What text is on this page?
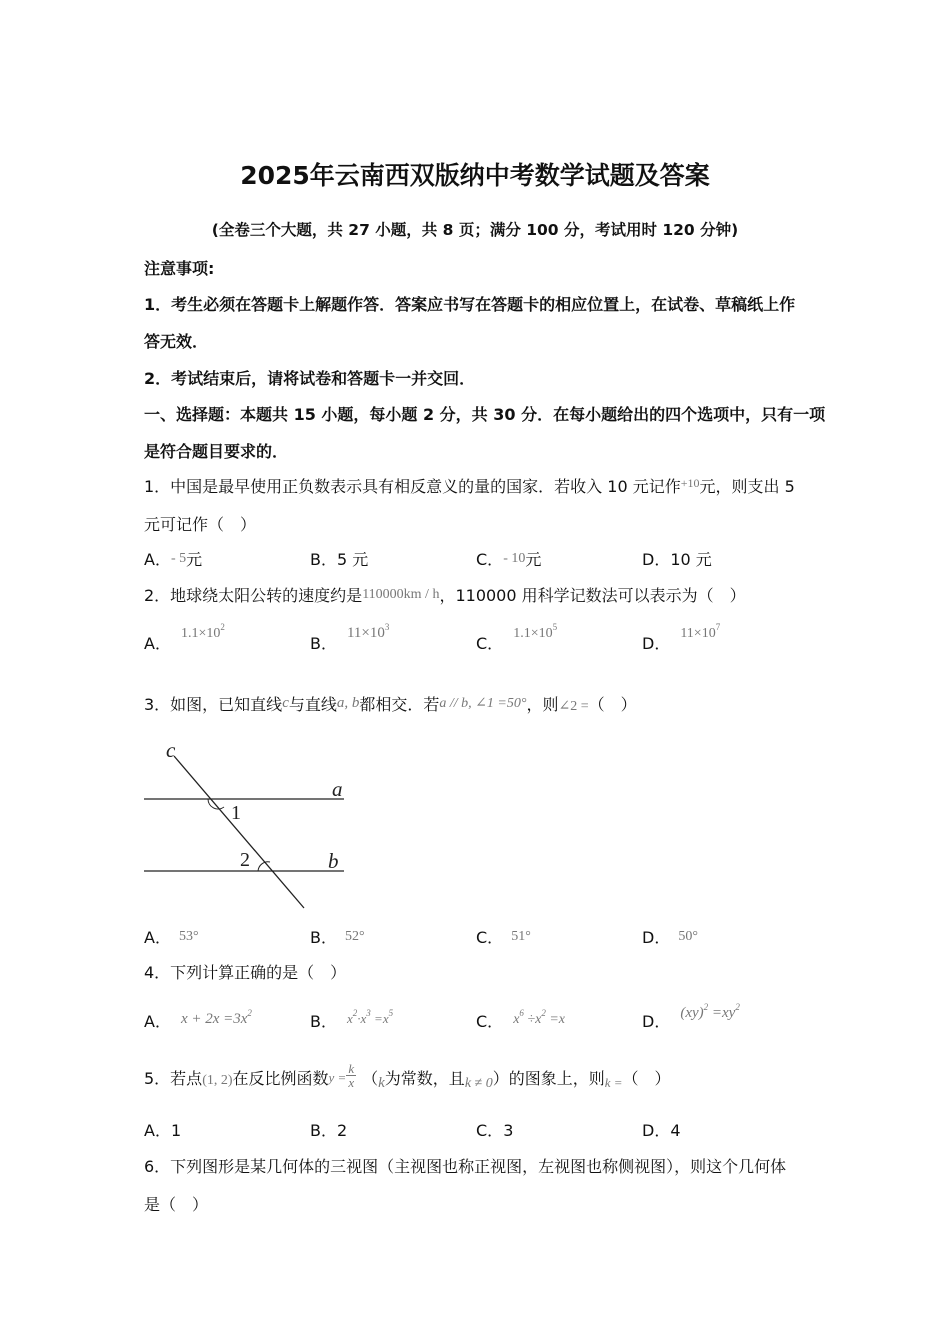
2025年云南西双版纳中考数学试题及答案
(全卷三个大题，共 27 小题，共 8 页；满分 100 分，考试用时 120 分钟)
注意事项:
1．考生必须在答题卡上解题作答．答案应书写在答题卡的相应位置上，在试卷、草稿纸上作
答无效．
2．考试结束后，请将试卷和答题卡一并交回．
一、选择题：本题共 15 小题，每小题 2 分，共 30 分．在每小题给出的四个选项中，只有一项
是符合题目要求的．
1．中国是最早使用正负数表示具有相反意义的量的国家．若收入 10 元记作$^{+10}$元，则支出 5
元可记作（　）
A．- 5元	B．5 元	C．- 10元	D．10 元
2．地球绕太阳公转的速度约是110000km / h，110000 用科学记数法可以表示为（　）
A．$1.1\times 10^2$
B．$11\times 10^3$
C．$1.1\times 10^5$
D．$11\times 10^7$
3．如图，已知直线c与直线a, b都相交．若a // b, ∠1 =50°，则∠2 =（　）
c
a
b
1
2
A． 53°	B． 52°	C． 51°	D． 50°
4．下列计算正确的是（　）
A． $x + 2x =3x^2$	B． $^{x^2\cdot x^3 =x^5}$	C． $x^6 \div x^2 =x$	D． $(xy)^2 =xy^2$
5．若点(1, 2)在反比例函数$y = \frac{k}{x} (k$为常数，且k ≠ 0）的图象上，则k =（　）
A．1	B．2	C．3	D．4
6．下列图形是某几何体的三视图（主视图也称正视图，左视图也称侧视图），则这个几何体
是（　）
